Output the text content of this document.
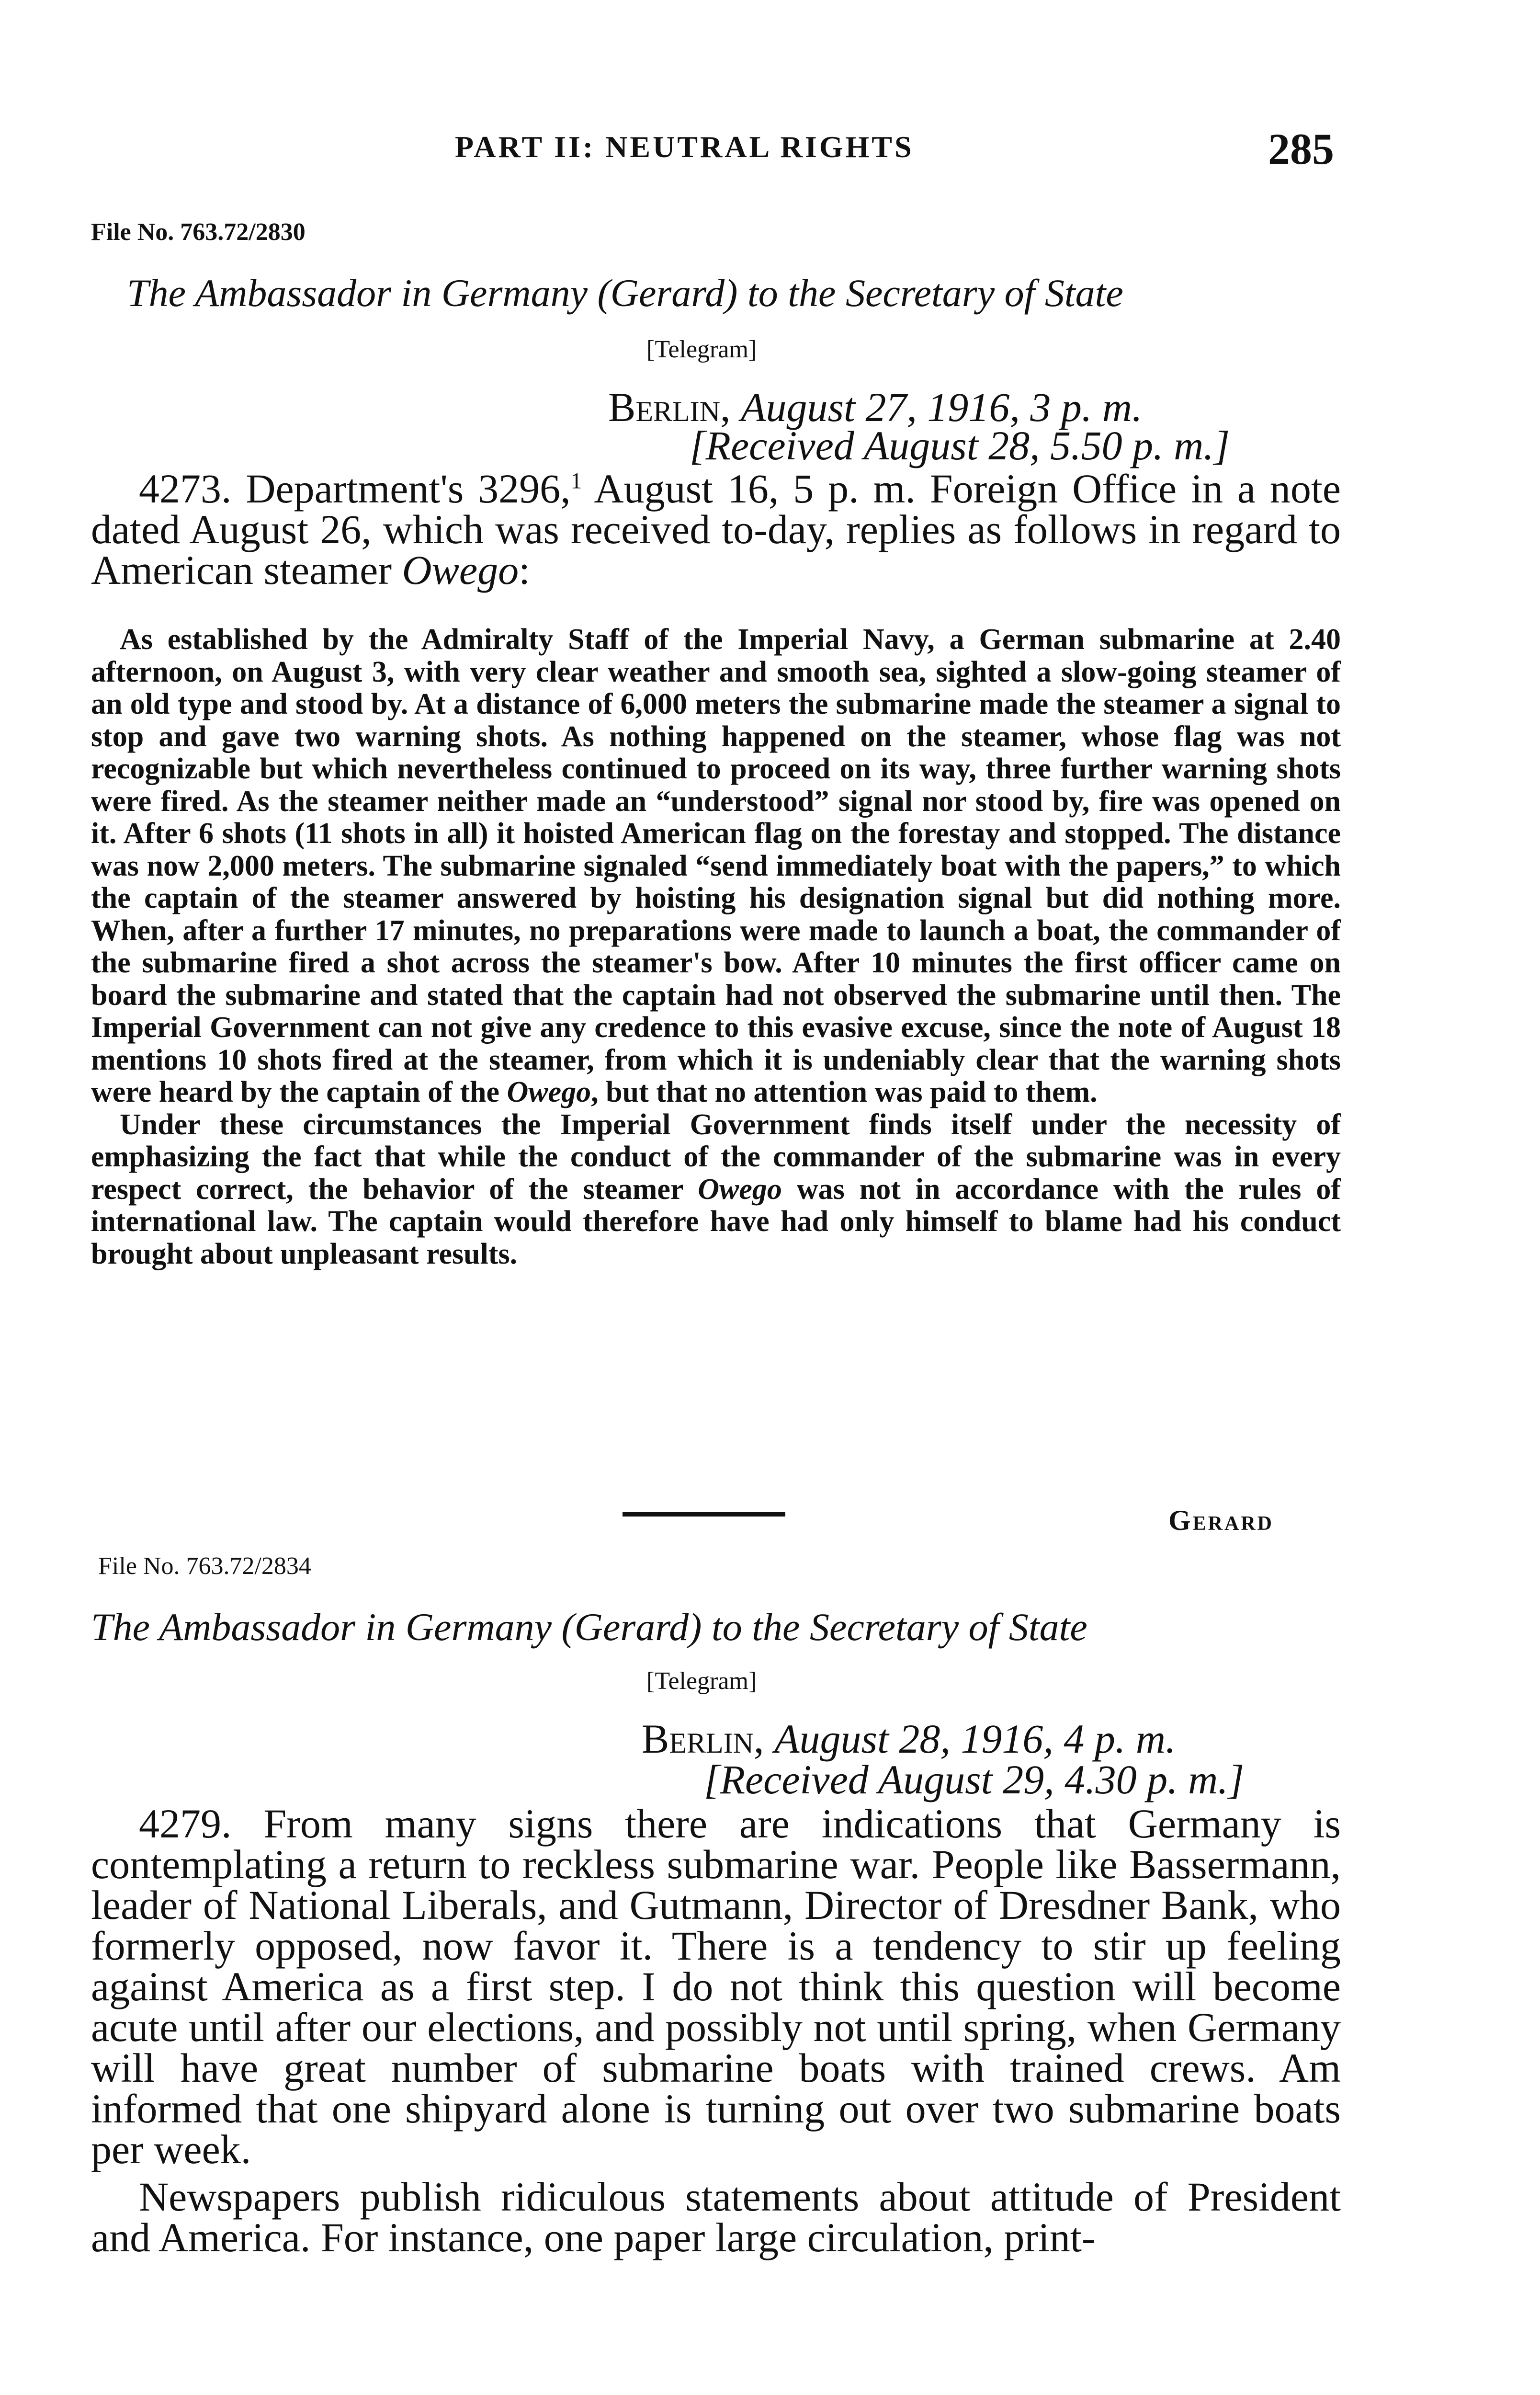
PART II: NEUTRAL RIGHTS	285
File No. 763.72/2830
The Ambassador in Germany (Gerard) to the Secretary of State
[Telegram]
Berlin, August 27, 1916, 3 p. m.
[Received August 28, 5.50 p. m.]

4273. Department's 3296,$^1$ August 16, 5 p. m. Foreign Office in a note dated August 26, which was received to-day, replies as follows in regard to American steamer Owego:

As established by the Admiralty Staff of the Imperial Navy, a German submarine at 2.40 afternoon, on August 3, with very clear weather and smooth sea, sighted a slow-going steamer of an old type and stood by. At a distance of 6,000 meters the submarine made the steamer a signal to stop and gave two warning shots. As nothing happened on the steamer, whose flag was not recognizable but which nevertheless continued to proceed on its way, three further warning shots were fired. As the steamer neither made an “understood” signal nor stood by, fire was opened on it. After 6 shots (11 shots in all) it hoisted American flag on the forestay and stopped. The distance was now 2,000 meters. The submarine signaled “send immediately boat with the papers,” to which the captain of the steamer answered by hoisting his designation signal but did nothing more. When, after a further 17 minutes, no preparations were made to launch a boat, the commander of the submarine fired a shot across the steamer's bow. After 10 minutes the first officer came on board the submarine and stated that the captain had not observed the submarine until then. The Imperial Government can not give any credence to this evasive excuse, since the note of August 18 mentions 10 shots fired at the steamer, from which it is undeniably clear that the warning shots were heard by the captain of the Owego, but that no attention was paid to them.

Under these circumstances the Imperial Government finds itself under the necessity of emphasizing the fact that while the conduct of the commander of the submarine was in every respect correct, the behavior of the steamer Owego was not in accordance with the rules of international law. The captain would therefore have had only himself to blame had his conduct brought about unpleasant results.

Gerard
File No. 763.72/2834
The Ambassador in Germany (Gerard) to the Secretary of State
[Telegram]
Berlin, August 28, 1916, 4 p. m.
[Received August 29, 4.30 p. m.]

4279. From many signs there are indications that Germany is contemplating a return to reckless submarine war. People like Bassermann, leader of National Liberals, and Gutmann, Director of Dresdner Bank, who formerly opposed, now favor it. There is a tendency to stir up feeling against America as a first step. I do not think this question will become acute until after our elections, and possibly not until spring, when Germany will have great number of submarine boats with trained crews. Am informed that one shipyard alone is turning out over two submarine boats per week.

Newspapers publish ridiculous statements about attitude of President and America. For instance, one paper large circulation, print-
